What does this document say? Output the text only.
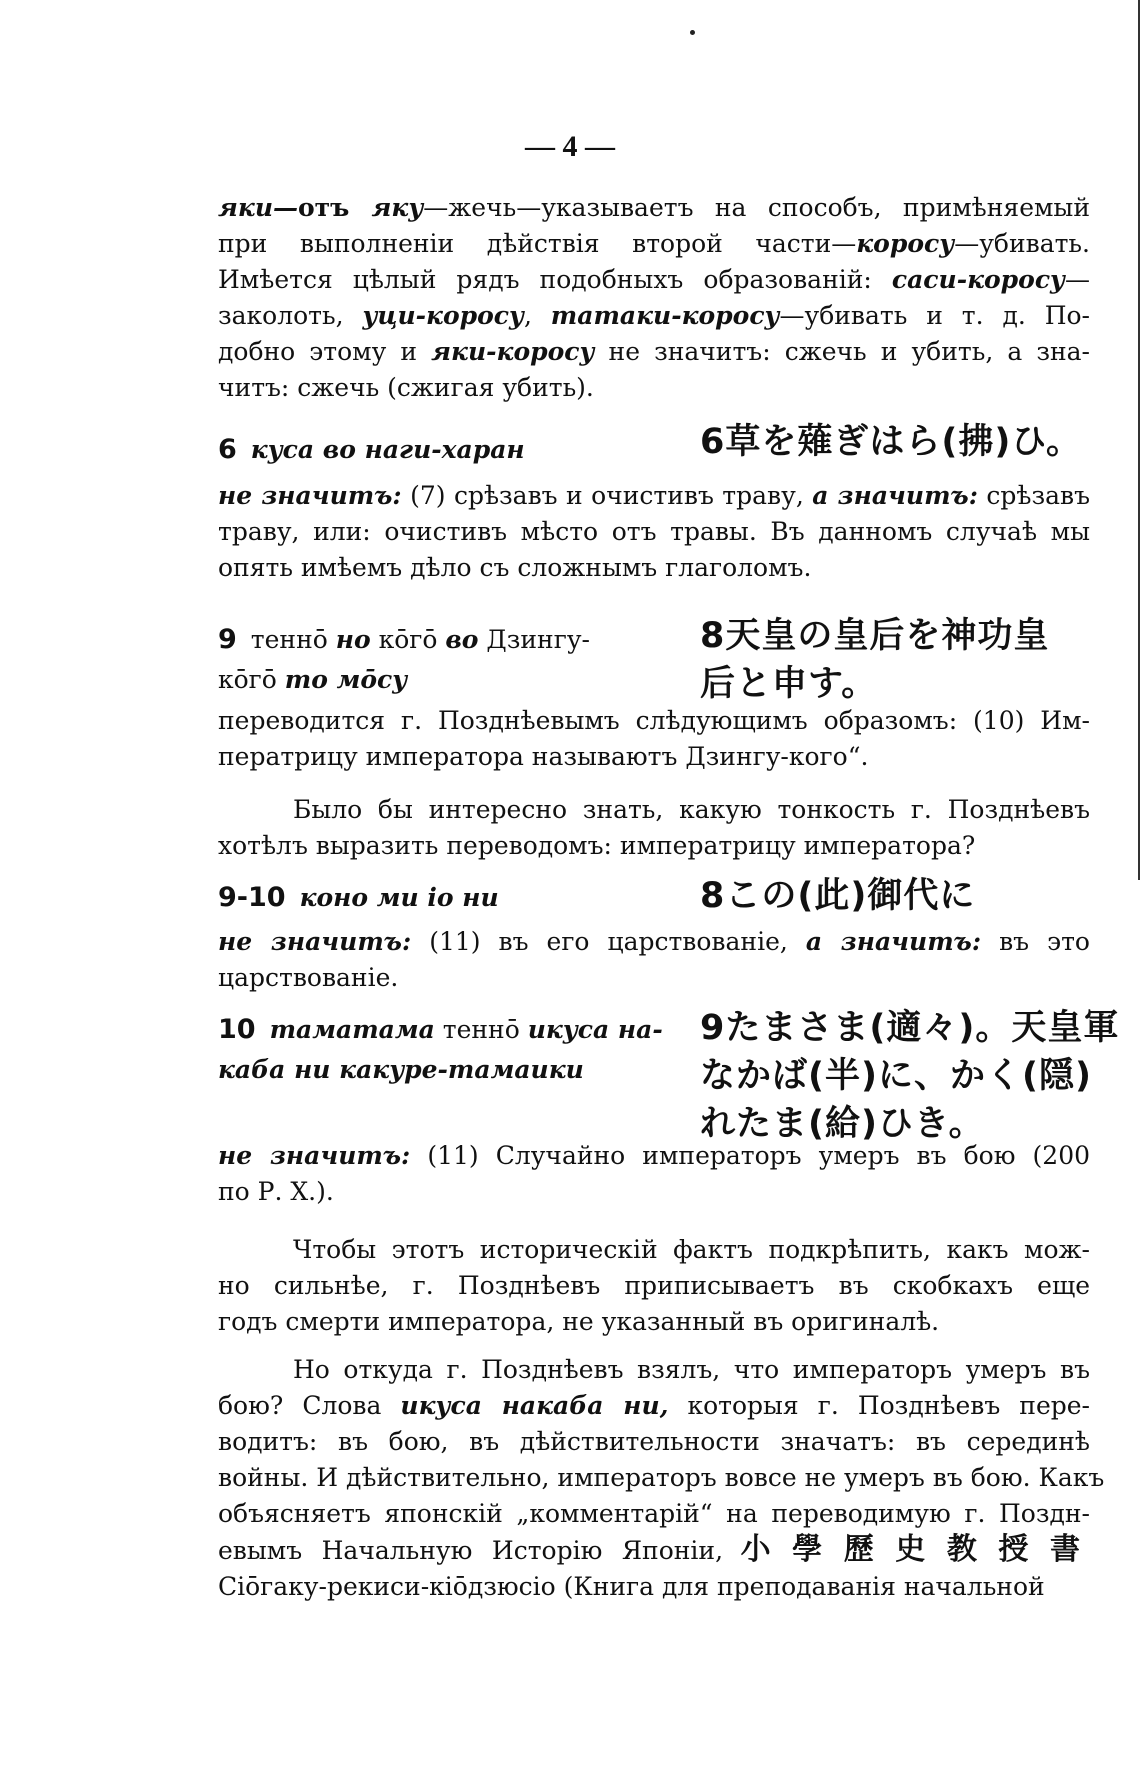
— 4 —
яки—отъ яку—жечь—указываетъ на способъ, примѣняемый
при выполненіи дѣйствія второй части—коросу—убивать.
Имѣется цѣлый рядъ подобныхъ образованій: саси-коросу—
заколоть, уци-коросу, татаки-коросу—убивать и т. д. По-
добно этому и яки-коросу не значитъ: сжечь и убить, а зна-
читъ: сжечь (сжигая убить).
6 куса во наги-харан	6草を薙ぎはら(拂)ひ。
не значитъ: (7) срѣзавъ и очистивъ траву, а значитъ: срѣзавъ
траву, или: очистивъ мѣсто отъ травы. Въ данномъ случаѣ мы
опять имѣемъ дѣло съ сложнымъ глаголомъ.
9 теннō но кōгō во Дзингу-
кōгō то мōсу
8天皇の皇后を神功皇
后と申す。
переводится г. Позднѣевымъ слѣдующимъ образомъ: (10) Им-
ператрицу императора называютъ Дзингу-кого“.
Было бы интересно знать, какую тонкость г. Позднѣевъ
хотѣлъ выразить переводомъ: императрицу императора?
9-10 коно ми іо ни	8この(此)御代に
не значитъ: (11) въ его царствованіе, а значитъ: въ это
царствованіе.
10 таматама теннō икуса на-
каба ни какуре-тамаики
9たまさま(適々)。天皇軍
なかば(半)に、かく(隠)
れたま(給)ひき。
не значитъ: (11) Случайно императоръ умеръ въ бою (200
по Р. Х.).
Чтобы этотъ историческій фактъ подкрѣпить, какъ мож-
но сильнѣе, г. Позднѣевъ приписываетъ въ скобкахъ еще
годъ смерти императора, не указанный въ оригиналѣ.
Но откуда г. Позднѣевъ взялъ, что императоръ умеръ въ
бою? Слова икуса накаба ни, которыя г. Позднѣевъ пере-
водитъ: въ бою, въ дѣйствительности значатъ: въ серединѣ
войны. И дѣйствительно, императоръ вовсе не умеръ въ бою. Какъ
объясняетъ японскій „комментарій“ на переводимую г. Поздн-
евымъ Начальную Исторію Японіи, 小學歷史教授書
Сіōгаку-рекиси-кіōдзюсіо (Книга для преподаванія начальной
